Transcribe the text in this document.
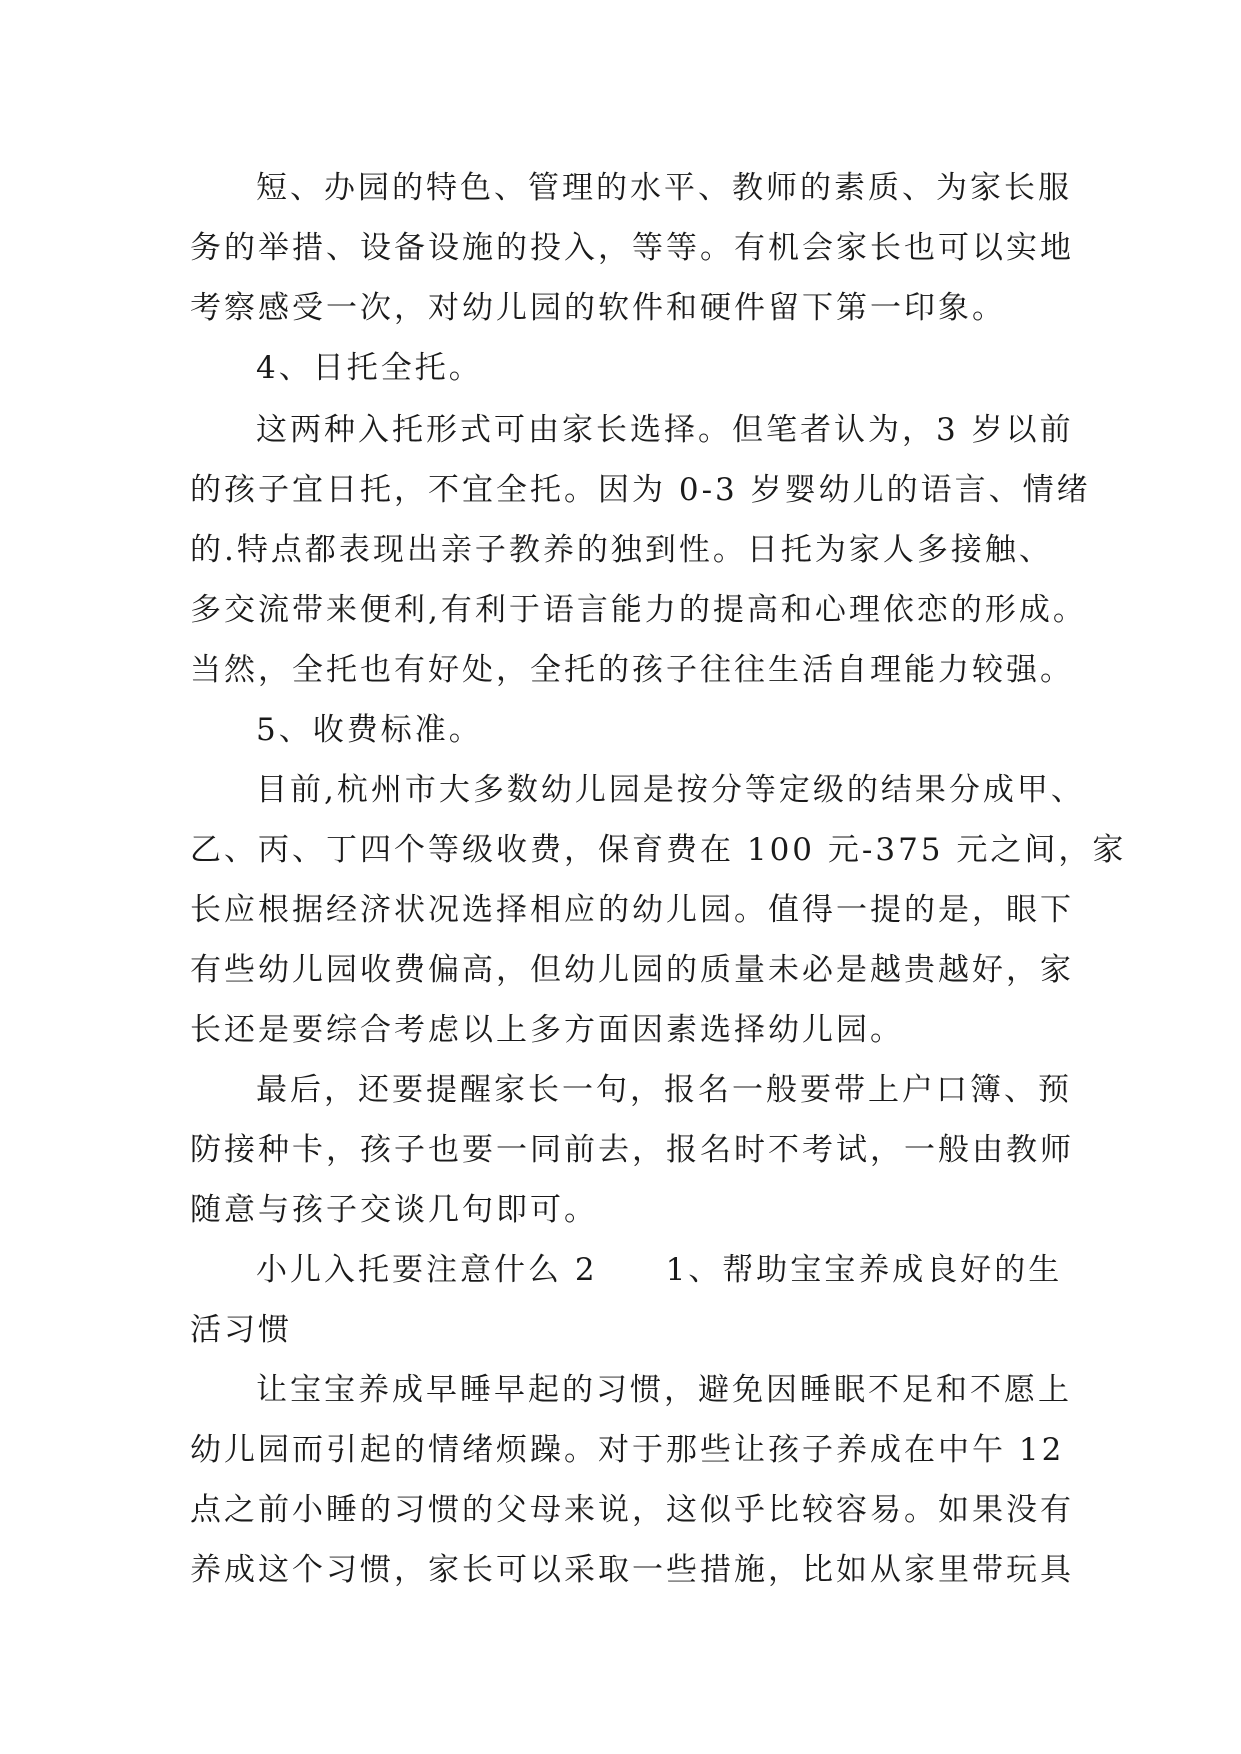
短、办园的特色、管理的水平、教师的素质、为家长服
务的举措、设备设施的投入，等等。有机会家长也可以实地
考察感受一次，对幼儿园的软件和硬件留下第一印象。
4、日托全托。
这两种入托形式可由家长选择。但笔者认为，3 岁以前
的孩子宜日托，不宜全托。因为 0-3 岁婴幼儿的语言、情绪
的.特点都表现出亲子教养的独到性。日托为家人多接触、
多交流带来便利,有利于语言能力的提高和心理依恋的形成。
当然，全托也有好处，全托的孩子往往生活自理能力较强。
5、收费标准。
目前,杭州市大多数幼儿园是按分等定级的结果分成甲、
乙、丙、丁四个等级收费，保育费在 100 元-375 元之间，家
长应根据经济状况选择相应的幼儿园。值得一提的是，眼下
有些幼儿园收费偏高，但幼儿园的质量未必是越贵越好，家
长还是要综合考虑以上多方面因素选择幼儿园。
最后，还要提醒家长一句，报名一般要带上户口簿、预
防接种卡，孩子也要一同前去，报名时不考试，一般由教师
随意与孩子交谈几句即可。
小儿入托要注意什么 2　　1、帮助宝宝养成良好的生
活习惯
让宝宝养成早睡早起的习惯，避免因睡眠不足和不愿上
幼儿园而引起的情绪烦躁。对于那些让孩子养成在中午 12
点之前小睡的习惯的父母来说，这似乎比较容易。如果没有
养成这个习惯，家长可以采取一些措施，比如从家里带玩具
